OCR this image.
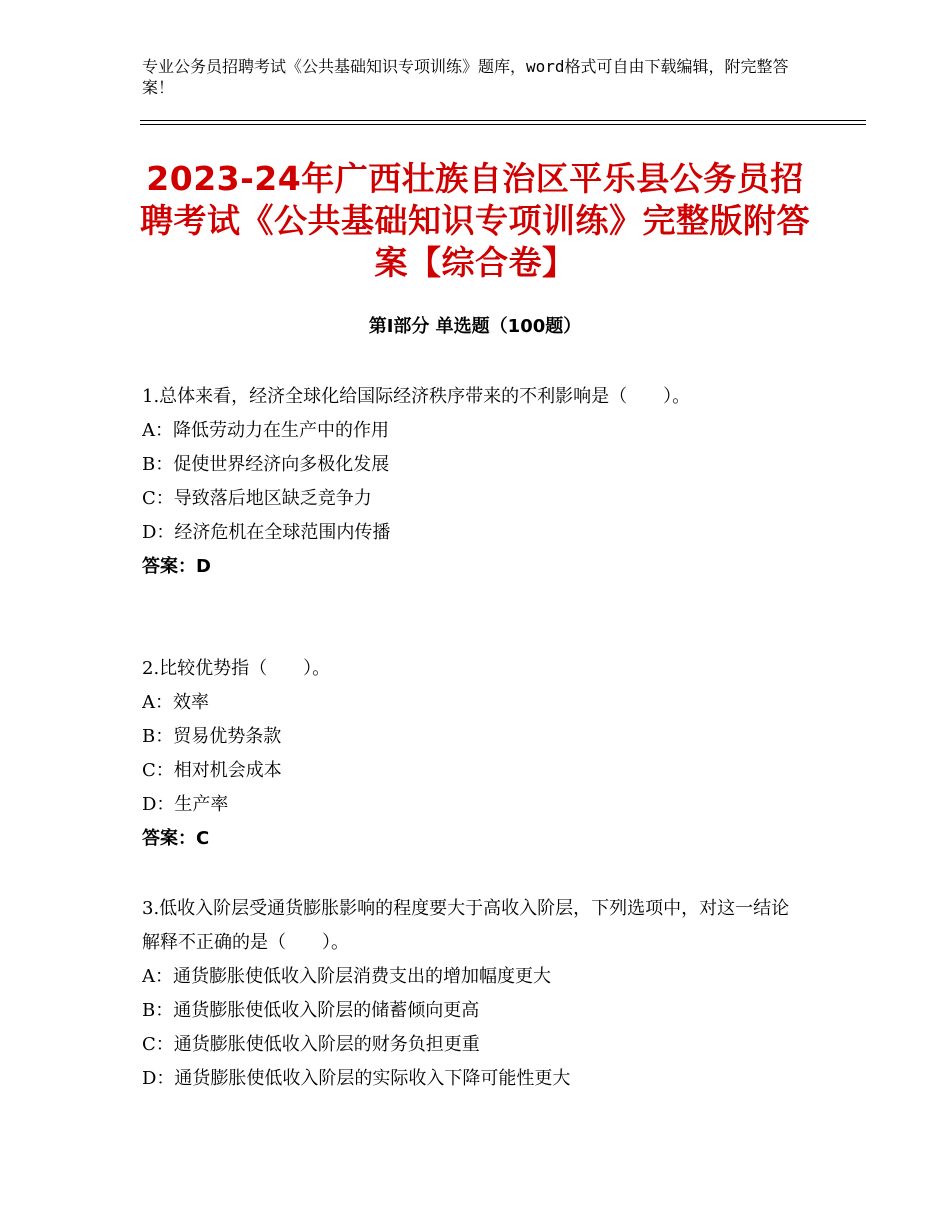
专业公务员招聘考试《公共基础知识专项训练》题库，word格式可自由下载编辑，附完整答案！
2023-24年广西壮族自治区平乐县公务员招聘考试《公共基础知识专项训练》完整版附答案【综合卷】
第Ⅰ部分 单选题（100题）

1.总体来看，经济全球化给国际经济秩序带来的不利影响是（　　）。

A：降低劳动力在生产中的作用

B：促使世界经济向多极化发展

C：导致落后地区缺乏竞争力

D：经济危机在全球范围内传播

答案：D

2.比较优势指（　　）。

A：效率

B：贸易优势条款

C：相对机会成本

D：生产率

答案：C

3.低收入阶层受通货膨胀影响的程度要大于高收入阶层，下列选项中，对这一结论解释不正确的是（　　）。

A：通货膨胀使低收入阶层消费支出的增加幅度更大

B：通货膨胀使低收入阶层的储蓄倾向更高

C：通货膨胀使低收入阶层的财务负担更重

D：通货膨胀使低收入阶层的实际收入下降可能性更大
